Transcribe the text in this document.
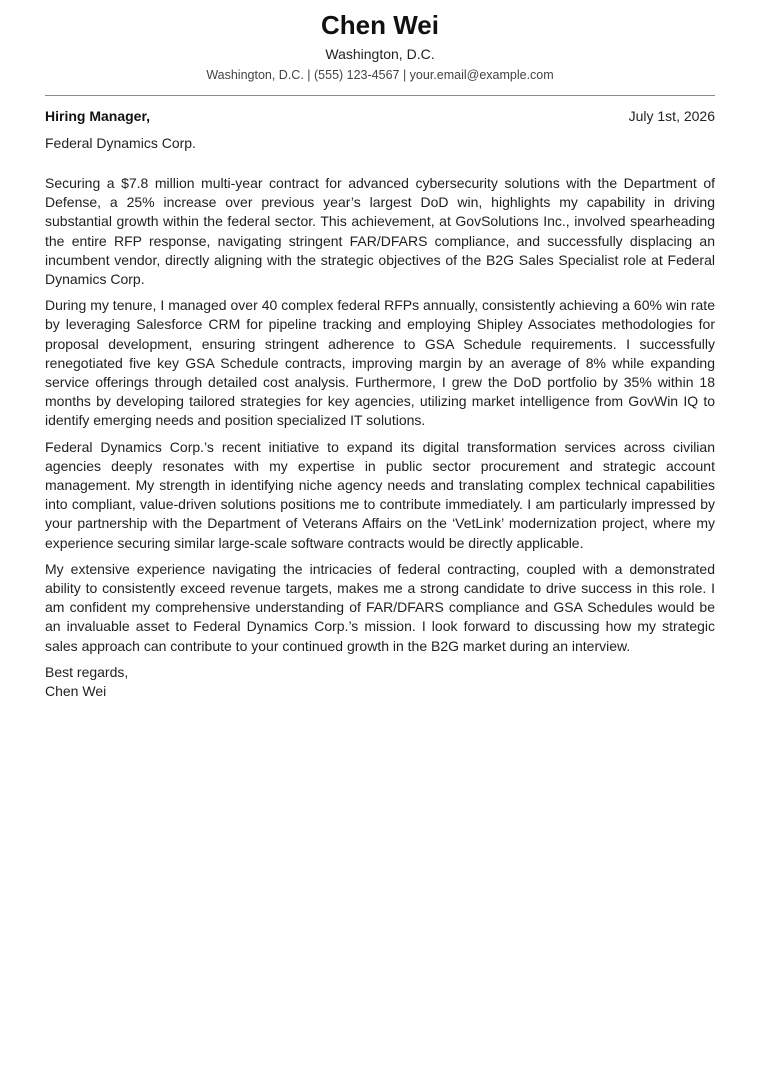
Chen Wei
Washington, D.C.
Washington, D.C. | (555) 123-4567 | your.email@example.com
Hiring Manager,	July 1st, 2026
Federal Dynamics Corp.

Securing a $7.8 million multi-year contract for advanced cybersecurity solutions with the Department of Defense, a 25% increase over previous year’s largest DoD win, highlights my capability in driving substantial growth within the federal sector. This achievement, at GovSolutions Inc., involved spearheading the entire RFP response, navigating stringent FAR/DFARS compliance, and successfully displacing an incumbent vendor, directly aligning with the strategic objectives of the B2G Sales Specialist role at Federal Dynamics Corp.

During my tenure, I managed over 40 complex federal RFPs annually, consistently achieving a 60% win rate by leveraging Salesforce CRM for pipeline tracking and employing Shipley Associates methodologies for proposal development, ensuring stringent adherence to GSA Schedule requirements. I successfully renegotiated five key GSA Schedule contracts, improving margin by an average of 8% while expanding service offerings through detailed cost analysis. Furthermore, I grew the DoD portfolio by 35% within 18 months by developing tailored strategies for key agencies, utilizing market intelligence from GovWin IQ to identify emerging needs and position specialized IT solutions.

Federal Dynamics Corp.’s recent initiative to expand its digital transformation services across civilian agencies deeply resonates with my expertise in public sector procurement and strategic account management. My strength in identifying niche agency needs and translating complex technical capabilities into compliant, value-driven solutions positions me to contribute immediately. I am particularly impressed by your partnership with the Department of Veterans Affairs on the ‘VetLink’ modernization project, where my experience securing similar large-scale software contracts would be directly applicable.

My extensive experience navigating the intricacies of federal contracting, coupled with a demonstrated ability to consistently exceed revenue targets, makes me a strong candidate to drive success in this role. I am confident my comprehensive understanding of FAR/DFARS compliance and GSA Schedules would be an invaluable asset to Federal Dynamics Corp.’s mission. I look forward to discussing how my strategic sales approach can contribute to your continued growth in the B2G market during an interview.

Best regards,
Chen Wei
